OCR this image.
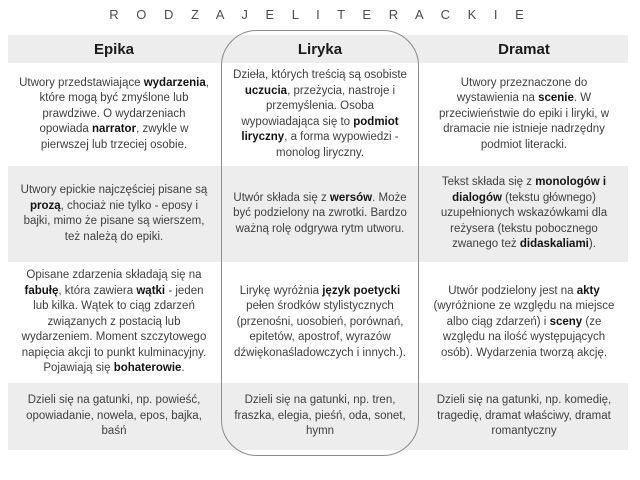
R O D Z A J E L I T E R A C K I E
Epika	Liryka	Dramat
Utwory przedstawiające wydarzenia, które mogą być zmyślone lub prawdziwe. O wydarzeniach opowiada narrator, zwykle w pierwszej lub trzeciej osobie.
Dzieła, których treścią są osobiste uczucia, przeżycia, nastroje i przemyślenia. Osoba wypowiadająca się to podmiot liryczny, a forma wypowiedzi - monolog liryczny.
Utwory przeznaczone do wystawienia na scenie. W przeciwieństwie do epiki i liryki, w dramacie nie istnieje nadrzędny podmiot literacki.
Utwory epickie najczęściej pisane są prozą, chociaż nie tylko - eposy i bajki, mimo że pisane są wierszem, też należą do epiki.
Utwór składa się z wersów. Może być podzielony na zwrotki. Bardzo ważną rolę odgrywa rytm utworu.
Tekst składa się z monologów i dialogów (tekstu głównego) uzupełnionych wskazówkami dla reżysera (tekstu pobocznego zwanego też didaskaliami).
Opisane zdarzenia składają się na fabułę, która zawiera wątki - jeden lub kilka. Wątek to ciąg zdarzeń związanych z postacią lub wydarzeniem. Moment szczytowego napięcia akcji to punkt kulminacyjny. Pojawiają się bohaterowie.
Lirykę wyróżnia język poetycki pełen środków stylistycznych (przenośni, uosobień, porównań, epitetów, apostrof, wyrazów dźwiękonaśladowczych i innych.).
Utwór podzielony jest na akty (wyróżnione ze względu na miejsce albo ciąg zdarzeń) i sceny (ze względu na ilość występujących osób). Wydarzenia tworzą akcję.
Dzieli się na gatunki, np. powieść, opowiadanie, nowela, epos, bajka, baśń
Dzieli się na gatunki, np. tren, fraszka, elegia, pieśń, oda, sonet, hymn
Dzieli się na gatunki, np. komedię, tragedię, dramat właściwy, dramat romantyczny
